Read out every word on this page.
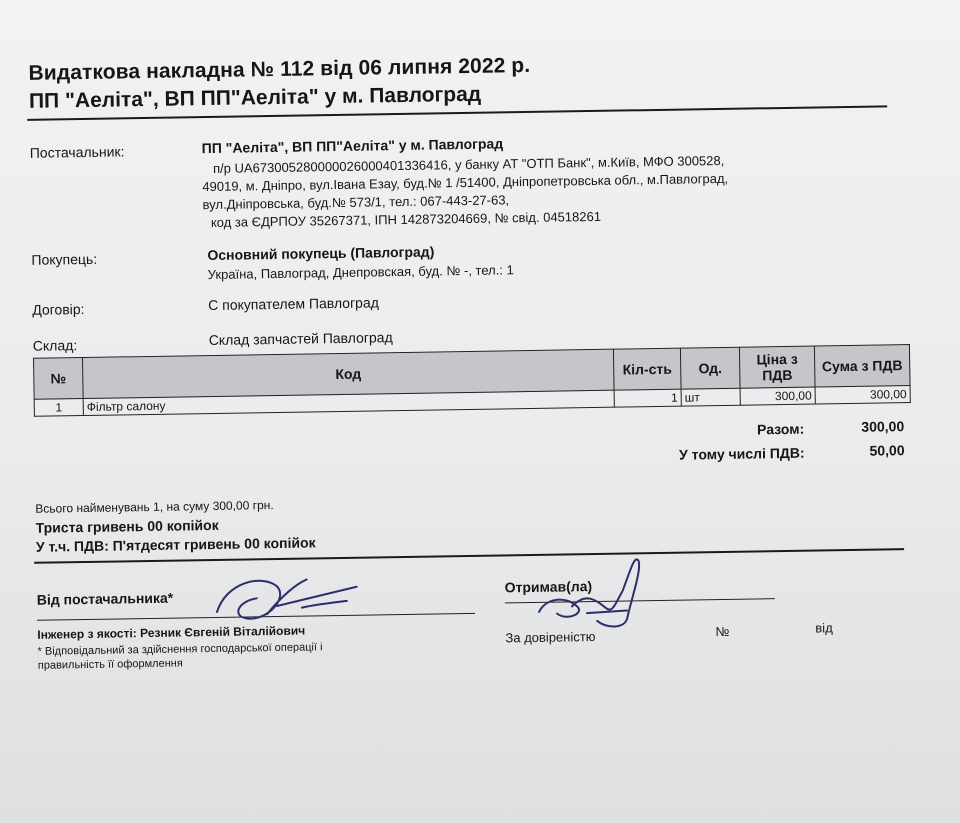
Видаткова накладна № 112 від 06 липня 2022 р.
ПП "Аеліта", ВП ПП"Аеліта" у м. Павлоград
Постачальник:	ПП "Аеліта", ВП ПП"Аеліта" у м. Павлоград
п/р UA673005280000026000401336416, у банку АТ "ОТП Банк", м.Київ, МФО 300528,
49019, м. Дніпро, вул.Івана Езау, буд.№ 1 /51400, Дніпропетровська обл., м.Павлоград,
вул.Дніпровська, буд.№ 573/1, тел.: 067-443-27-63,
код за ЄДРПОУ 35267371, ІПН 142873204669, № свід. 04518261
Покупець:	Основний покупець (Павлоград)
Україна, Павлоград, Днепровская, буд. № -, тел.: 1
Договір:	С покупателем Павлоград
Склад:	Склад запчастей Павлоград
№	Код	Кіл-сть	Од.	Ціна з ПДВ	Сума з ПДВ
1	Фільтр салону	1	шт	300,00	300,00
Разом:	300,00
У тому числі ПДВ:	50,00
Всього найменувань 1, на суму 300,00 грн.
Триста гривень 00 копійок
У т.ч. ПДВ: П'ятдесят гривень 00 копійок
Від постачальника*
Інженер з якості: Резник Євгеній Віталійович
* Відповідальний за здійснення господарської операції і
правильність її оформлення
Отримав(ла)
За довіреністю	№	від
